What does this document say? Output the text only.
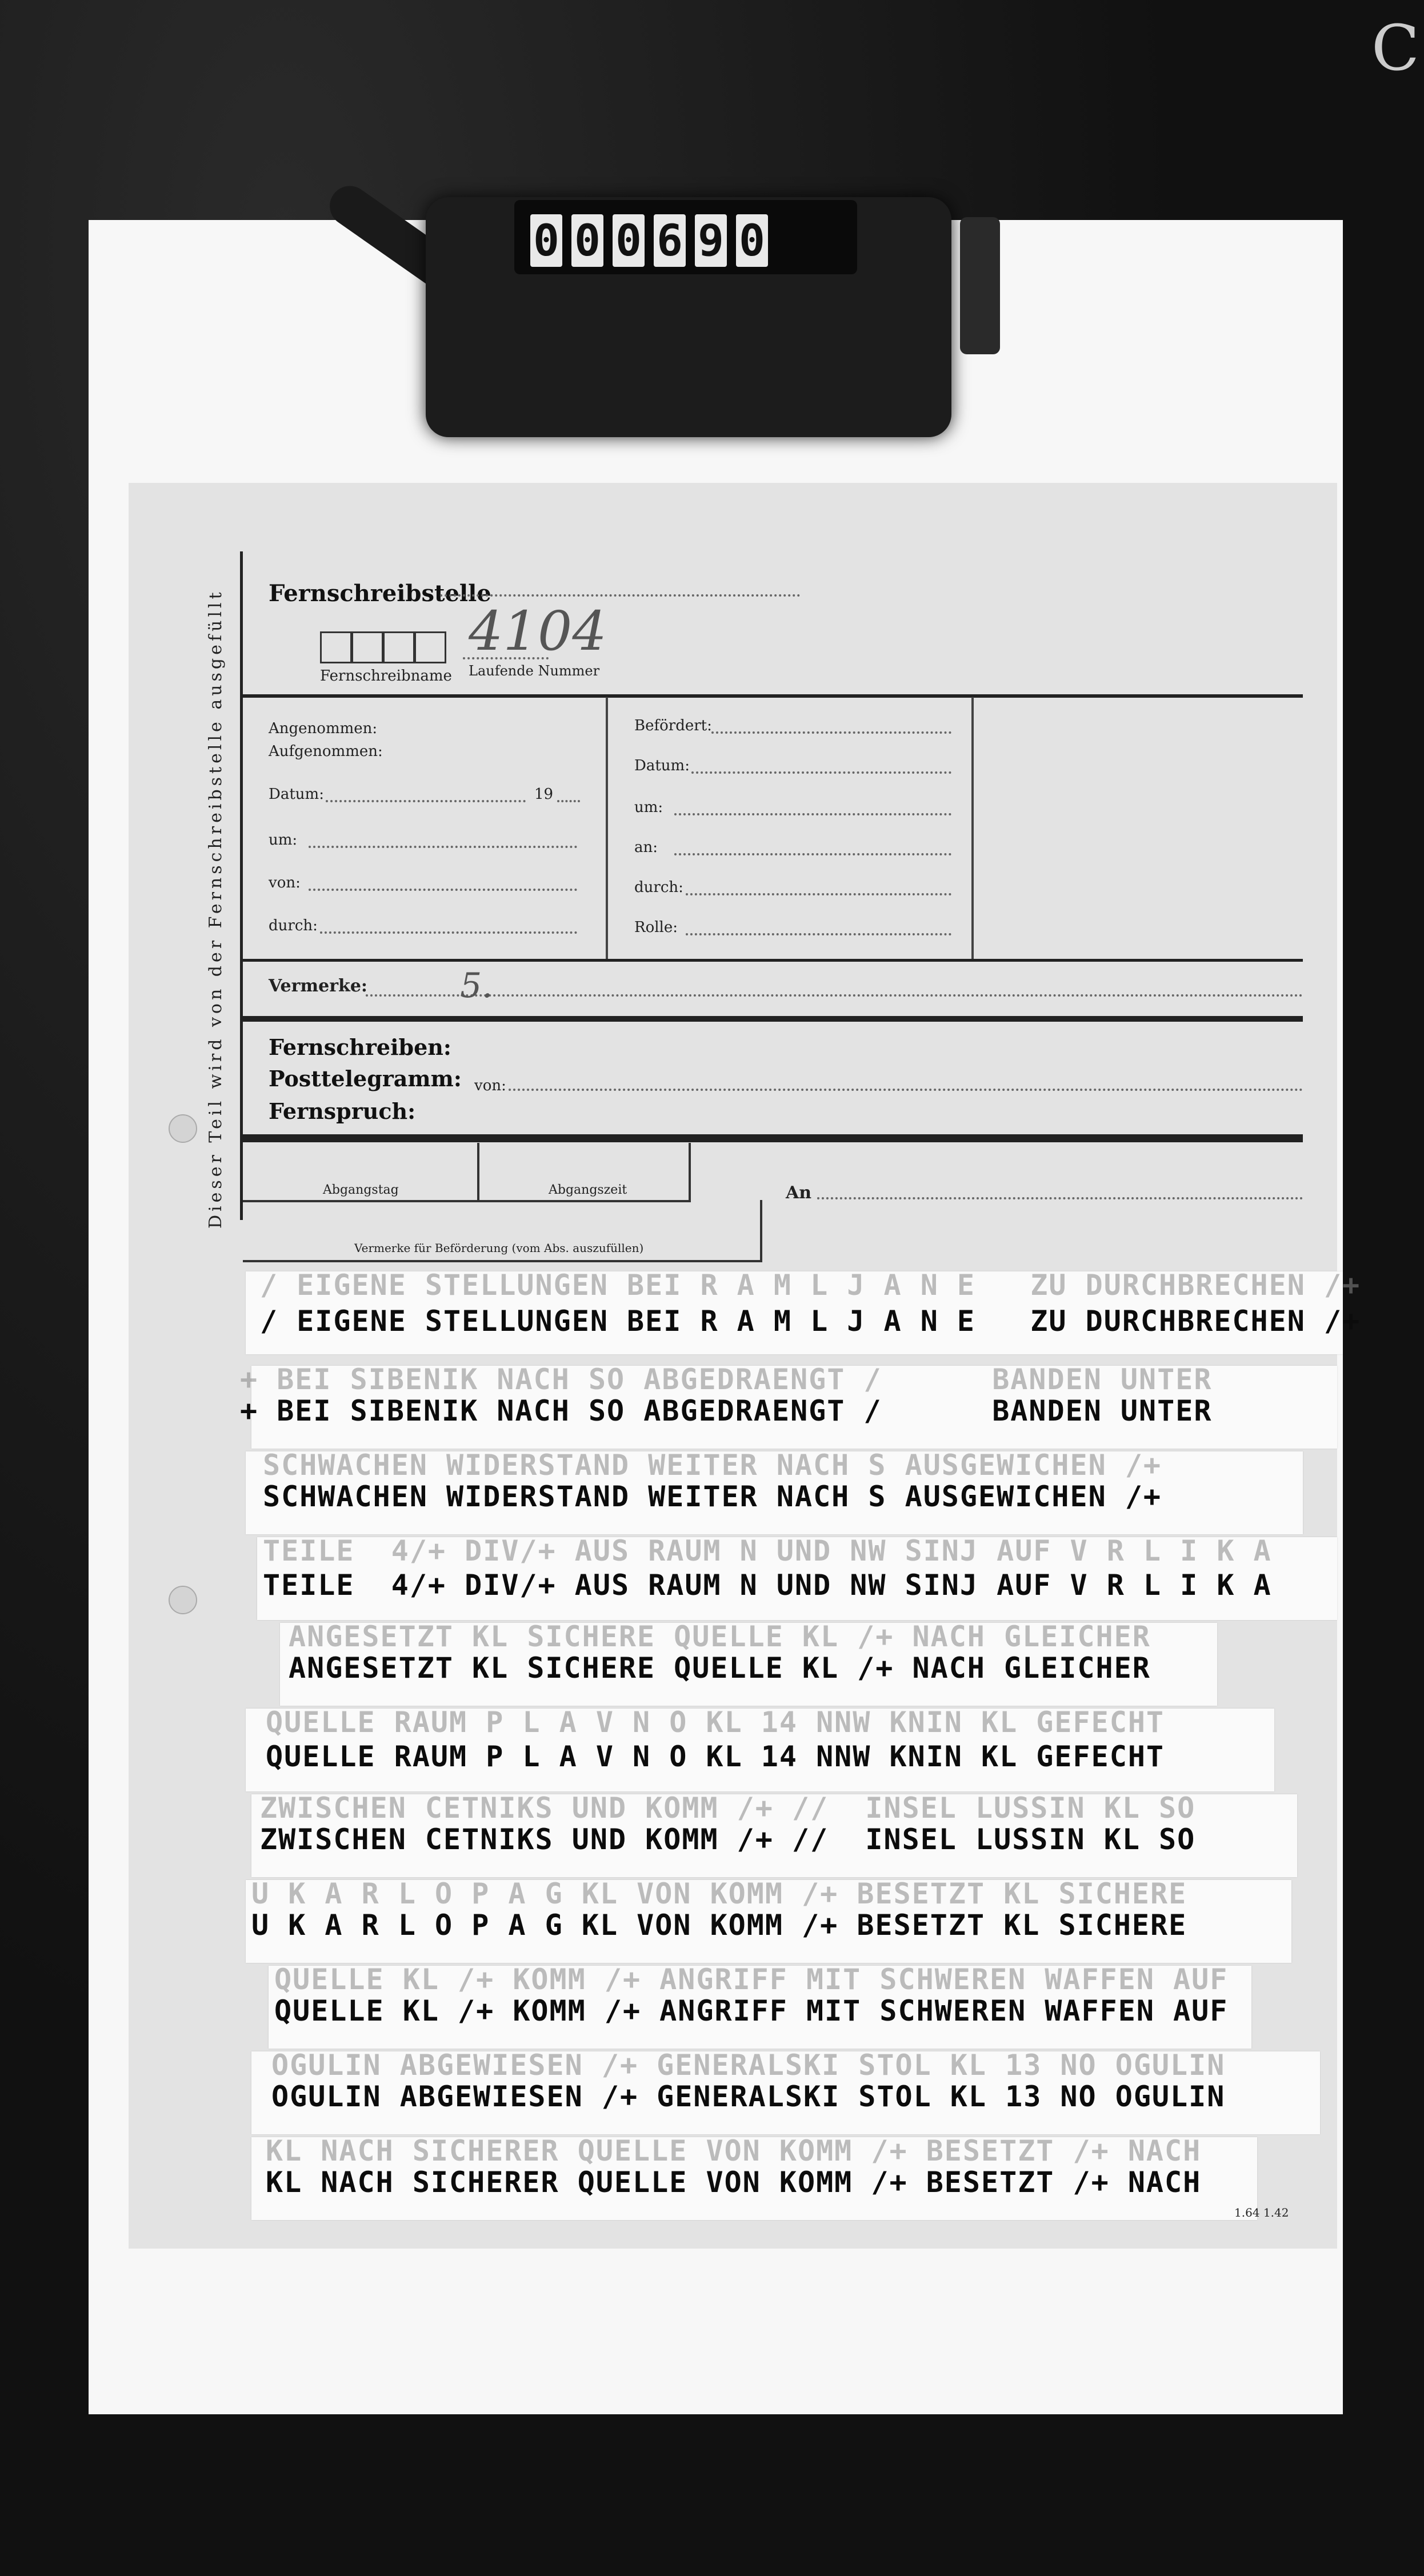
C
0 0 0 6 9 0
Dieser Teil wird von der Fernschreibstelle ausgefüllt	Fernschreibstelle
Fernschreibname Laufende Nummer
4104
Angenommen:
Aufgenommen:
Datum:	19
um:
von:
durch:
Befördert:
Datum:
um:
an:
durch:
Rolle:
Vermerke:	5.
Fernschreiben:
Posttelegramm:
Fernspruch:
von:
Abgangstag	Abgangszeit	An
Vermerke für Beförderung (vom Abs. auszufüllen)
/ EIGENE STELLUNGEN BEI R A M L J A N E   ZU DURCHBRECHEN /+
/ EIGENE STELLUNGEN BEI R A M L J A N E   ZU DURCHBRECHEN /+
+ BEI SIBENIK NACH SO ABGEDRAENGT /      BANDEN UNTER
+ BEI SIBENIK NACH SO ABGEDRAENGT /      BANDEN UNTER
SCHWACHEN WIDERSTAND WEITER NACH S AUSGEWICHEN /+
SCHWACHEN WIDERSTAND WEITER NACH S AUSGEWICHEN /+
TEILE  4/+ DIV/+ AUS RAUM N UND NW SINJ AUF V R L I K A
TEILE  4/+ DIV/+ AUS RAUM N UND NW SINJ AUF V R L I K A
ANGESETZT KL SICHERE QUELLE KL /+ NACH GLEICHER
ANGESETZT KL SICHERE QUELLE KL /+ NACH GLEICHER
QUELLE RAUM P L A V N O KL 14 NNW KNIN KL GEFECHT
QUELLE RAUM P L A V N O KL 14 NNW KNIN KL GEFECHT
ZWISCHEN CETNIKS UND KOMM /+ //  INSEL LUSSIN KL SO
ZWISCHEN CETNIKS UND KOMM /+ //  INSEL LUSSIN KL SO
U K A R L O P A G KL VON KOMM /+ BESETZT KL SICHERE
U K A R L O P A G KL VON KOMM /+ BESETZT KL SICHERE
QUELLE KL /+ KOMM /+ ANGRIFF MIT SCHWEREN WAFFEN AUF
QUELLE KL /+ KOMM /+ ANGRIFF MIT SCHWEREN WAFFEN AUF
OGULIN ABGEWIESEN /+ GENERALSKI STOL KL 13 NO OGULIN
OGULIN ABGEWIESEN /+ GENERALSKI STOL KL 13 NO OGULIN
KL NACH SICHERER QUELLE VON KOMM /+ BESETZT /+ NACH
KL NACH SICHERER QUELLE VON KOMM /+ BESETZT /+ NACH
1.64 1.42
